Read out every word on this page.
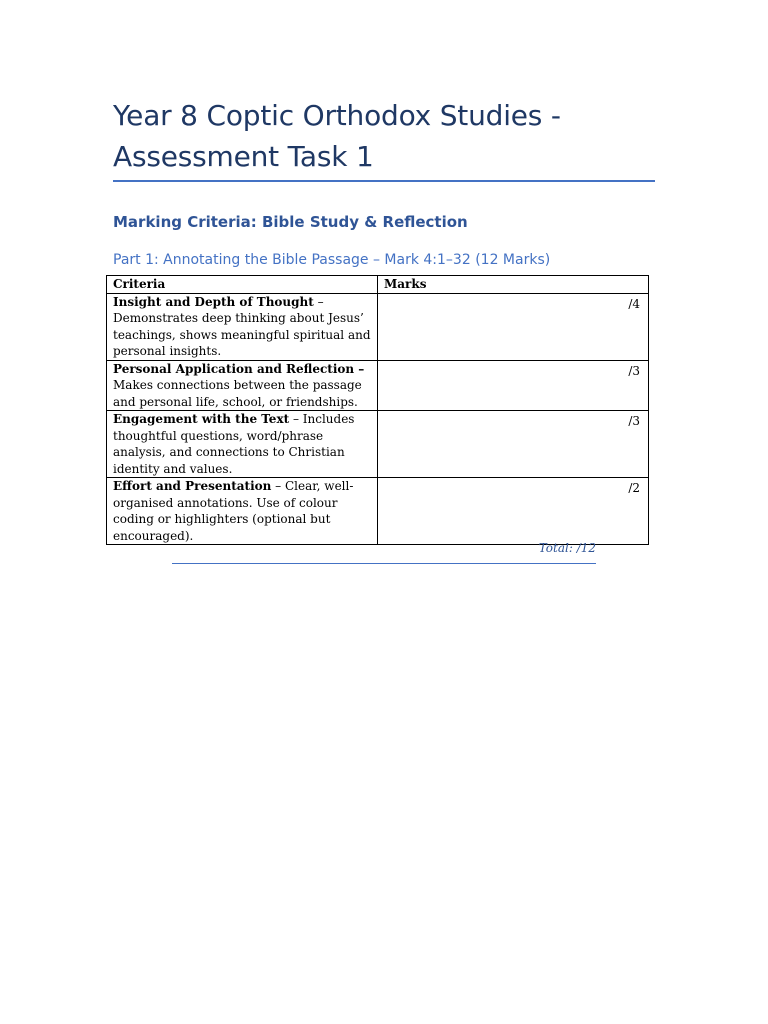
Year 8 Coptic Orthodox Studies -
Assessment Task 1
Marking Criteria: Bible Study & Reflection
Part 1: Annotating the Bible Passage – Mark 4:1–32 (12 Marks)
Criteria	Marks
Insight and Depth of Thought – Demonstrates deep thinking about Jesus’ teachings, shows meaningful spiritual and personal insights.	/4
Personal Application and Reflection – Makes connections between the passage and personal life, school, or friendships.	/3
Engagement with the Text – Includes thoughtful questions, word/phrase analysis, and connections to Christian identity and values.	/3
Effort and Presentation – Clear, well- organised annotations. Use of colour coding or highlighters (optional but encouraged).	/2
Total: /12
